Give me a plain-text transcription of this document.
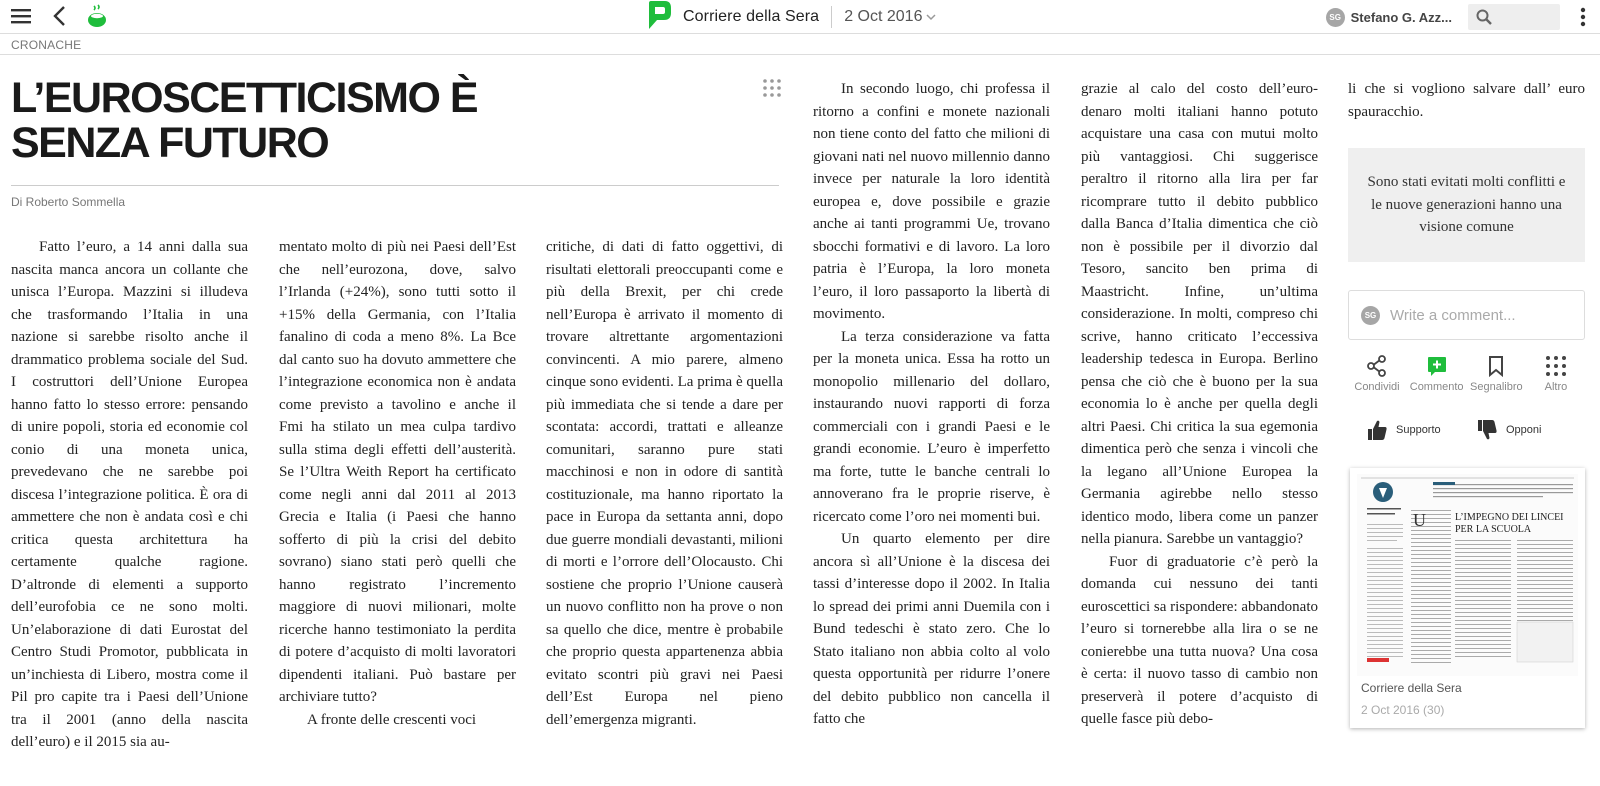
Corriere della Sera 2 Oct 2016	SG Stefano G. Azz...
CRONACHE
L’EUROSCETTICISMO È SENZA FUTURO
Di Roberto Sommella

Fatto l’euro, a 14 anni dalla sua nascita manca ancora un collante che unisca l’Europa. Mazzini si illudeva che trasformando l’Italia in una nazione si sarebbe risolto anche il drammatico problema sociale del Sud. I costruttori dell’Unione Europea hanno fatto lo stesso errore: pensando di unire popoli, storia ed economie col conio di una moneta unica, prevedevano che ne sarebbe poi discesa l’integrazione politica. È ora di ammettere che non è andata così e chi critica questa architettura ha certamente qualche ragione. D’altronde di elementi a supporto dell’eurofobia ce ne sono molti. Un’elaborazione di dati Eurostat del Centro Studi Promotor, pubblicata in un’inchiesta di Libero, mostra come il Pil pro capite tra i Paesi dell’Unione tra il 2001 (anno della nascita dell’euro) e il 2015 sia au-

mentato molto di più nei Paesi dell’Est che nell’eurozona, dove, salvo l’Irlanda (+24%), sono tutti sotto il +15% della Germania, con l’Italia fanalino di coda a meno 8%. La Bce dal canto suo ha dovuto ammettere che l’integrazione economica non è andata come previsto a tavolino e anche il Fmi ha stilato un mea culpa tardivo sulla stima degli effetti dell’austerità. Se l’Ultra Weith Report ha certificato come negli anni dal 2011 al 2013 Grecia e Italia (i Paesi che hanno sofferto di più la crisi del debito sovrano) siano stati però quelli che hanno registrato l’incremento maggiore di nuovi milionari, molte ricerche hanno testimoniato la perdita di potere d’acquisto di molti lavoratori dipendenti italiani. Può bastare per archiviare tutto?

A fronte delle crescenti voci

critiche, di dati di fatto oggettivi, di risultati elettorali preoccupanti come e più della Brexit, per chi crede nell’Europa è arrivato il momento di trovare altrettante argomentazioni convincenti. A mio parere, almeno cinque sono evidenti. La prima è quella più immediata che si tende a dare per scontata: accordi, trattati e alleanze comunitari, saranno pure stati macchinosi e non in odore di santità costituzionale, ma hanno riportato la pace in Europa da settanta anni, dopo due guerre mondiali devastanti, milioni di morti e l’orrore dell’Olocausto. Chi sostiene che proprio l’Unione causerà un nuovo conflitto non ha prove o non sa quello che dice, mentre è probabile che proprio questa appartenenza abbia evitato scontri più gravi nei Paesi dell’Est Europa nel pieno dell’emergenza migranti.

In secondo luogo, chi professa il ritorno a confini e monete nazionali non tiene conto del fatto che milioni di giovani nati nel nuovo millennio danno invece per naturale la loro identità europea e, dove possibile e grazie anche ai tanti programmi Ue, trovano sbocchi formativi e di lavoro. La loro patria è l’Europa, la loro moneta l’euro, il loro passaporto la libertà di movimento.

La terza considerazione va fatta per la moneta unica. Essa ha rotto un monopolio millenario del dollaro, instaurando nuovi rapporti di forza commerciali con i grandi Paesi e le grandi economie. L’euro è imperfetto ma forte, tutte le banche centrali lo annoverano fra le proprie riserve, è ricercato come l’oro nei momenti bui.

Un quarto elemento per dire ancora sì all’Unione è la discesa dei tassi d’interesse dopo il 2002. In Italia lo spread dei primi anni Duemila con i Bund tedeschi è stato zero. Che lo Stato italiano non abbia colto al volo questa opportunità per ridurre l’onere del debito pubblico non cancella il fatto che

grazie al calo del costo dell’euro-denaro molti italiani hanno potuto acquistare una casa con mutui molto più vantaggiosi. Chi suggerisce peraltro il ritorno alla lira per far ricomprare tutto il debito pubblico dalla Banca d’Italia dimentica che ciò non è possibile per il divorzio dal Tesoro, sancito ben prima di Maastricht. Infine, un’ultima considerazione. In molti, compreso chi scrive, hanno criticato l’eccessiva leadership tedesca in Europa. Berlino pensa che ciò che è buono per la sua economia lo è anche per quella degli altri Paesi. Chi critica la sua egemonia dimentica però che senza i vincoli che la legano all’Unione Europea la Germania agirebbe nello stesso identico modo, libera come un panzer nella pianura. Sarebbe un vantaggio?

Fuor di graduatorie c’è però la domanda cui nessuno dei tanti euroscettici sa rispondere: abbandonato l’euro si tornerebbe alla lira o se ne conierebbe una tutta nuova? Una cosa è certa: il nuovo tasso di cambio non preserverà il potere d’acquisto di quelle fasce più debo-

li che si vogliono salvare dall’ euro spauracchio.

Sono stati evitati molti conflitti e le nuove generazioni hanno una visione comune
SG Write a comment...
Condividi Commento Segnalibro Altro
Supporto	Opponi
U	L’IMPEGNO DEI LINCEI
PER LA SCUOLA
Corriere della Sera
2 Oct 2016 (30)
